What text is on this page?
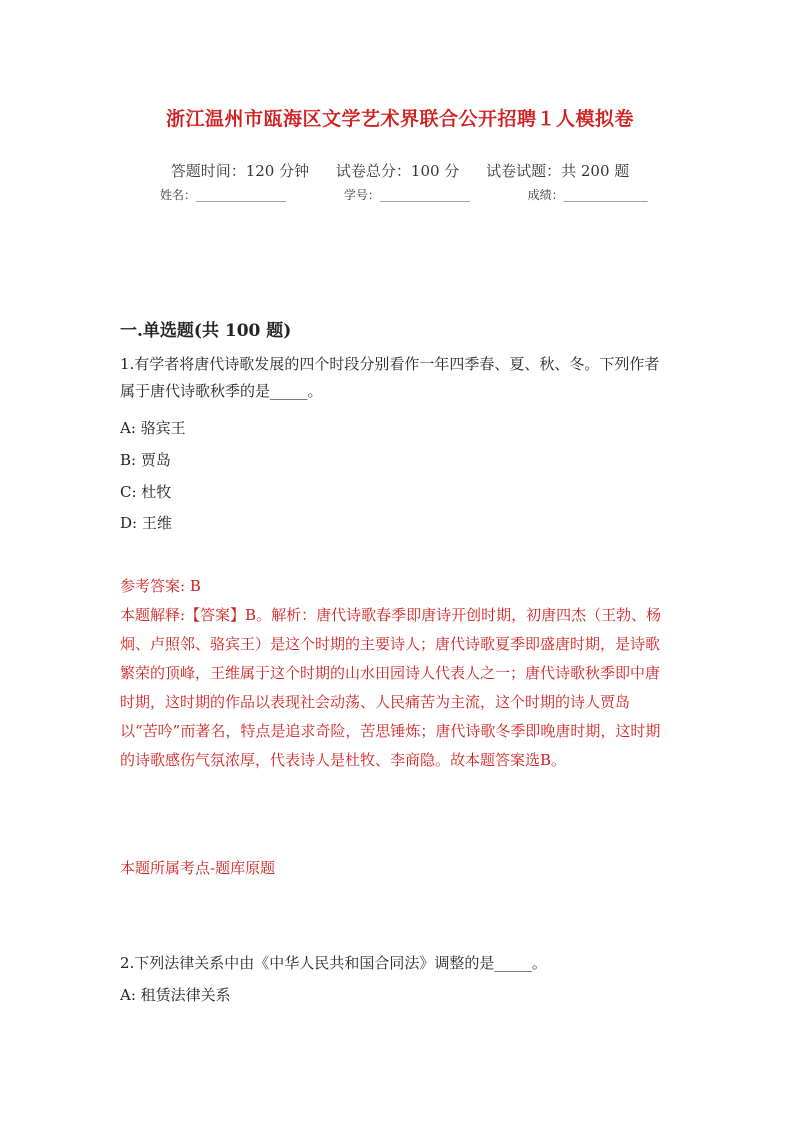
浙江温州市瓯海区文学艺术界联合公开招聘１人模拟卷
答题时间：120 分钟 试卷总分：100 分 试卷试题：共 200 题
姓名：_______________	学号：_______________	成绩：______________
一.单选题(共 100 题)
1.有学者将唐代诗歌发展的四个时段分别看作一年四季春、夏、秋、冬。下列作者属于唐代诗歌秋季的是_____。
A: 骆宾王
B: 贾岛
C: 杜牧
D: 王维
参考答案: B
本题解释:【答案】B。解析：唐代诗歌春季即唐诗开创时期，初唐四杰（王勃、杨炯、卢照邻、骆宾王）是这个时期的主要诗人；唐代诗歌夏季即盛唐时期，是诗歌繁荣的顶峰，王维属于这个时期的山水田园诗人代表人之一；唐代诗歌秋季即中唐时期，这时期的作品以表现社会动荡、人民痛苦为主流，这个时期的诗人贾岛以“苦吟”而著名，特点是追求奇险，苦思锤炼；唐代诗歌冬季即晚唐时期，这时期的诗歌感伤气氛浓厚，代表诗人是杜牧、李商隐。故本题答案选B。
本题所属考点-题库原题
2.下列法律关系中由《中华人民共和国合同法》调整的是_____。
A: 租赁法律关系
